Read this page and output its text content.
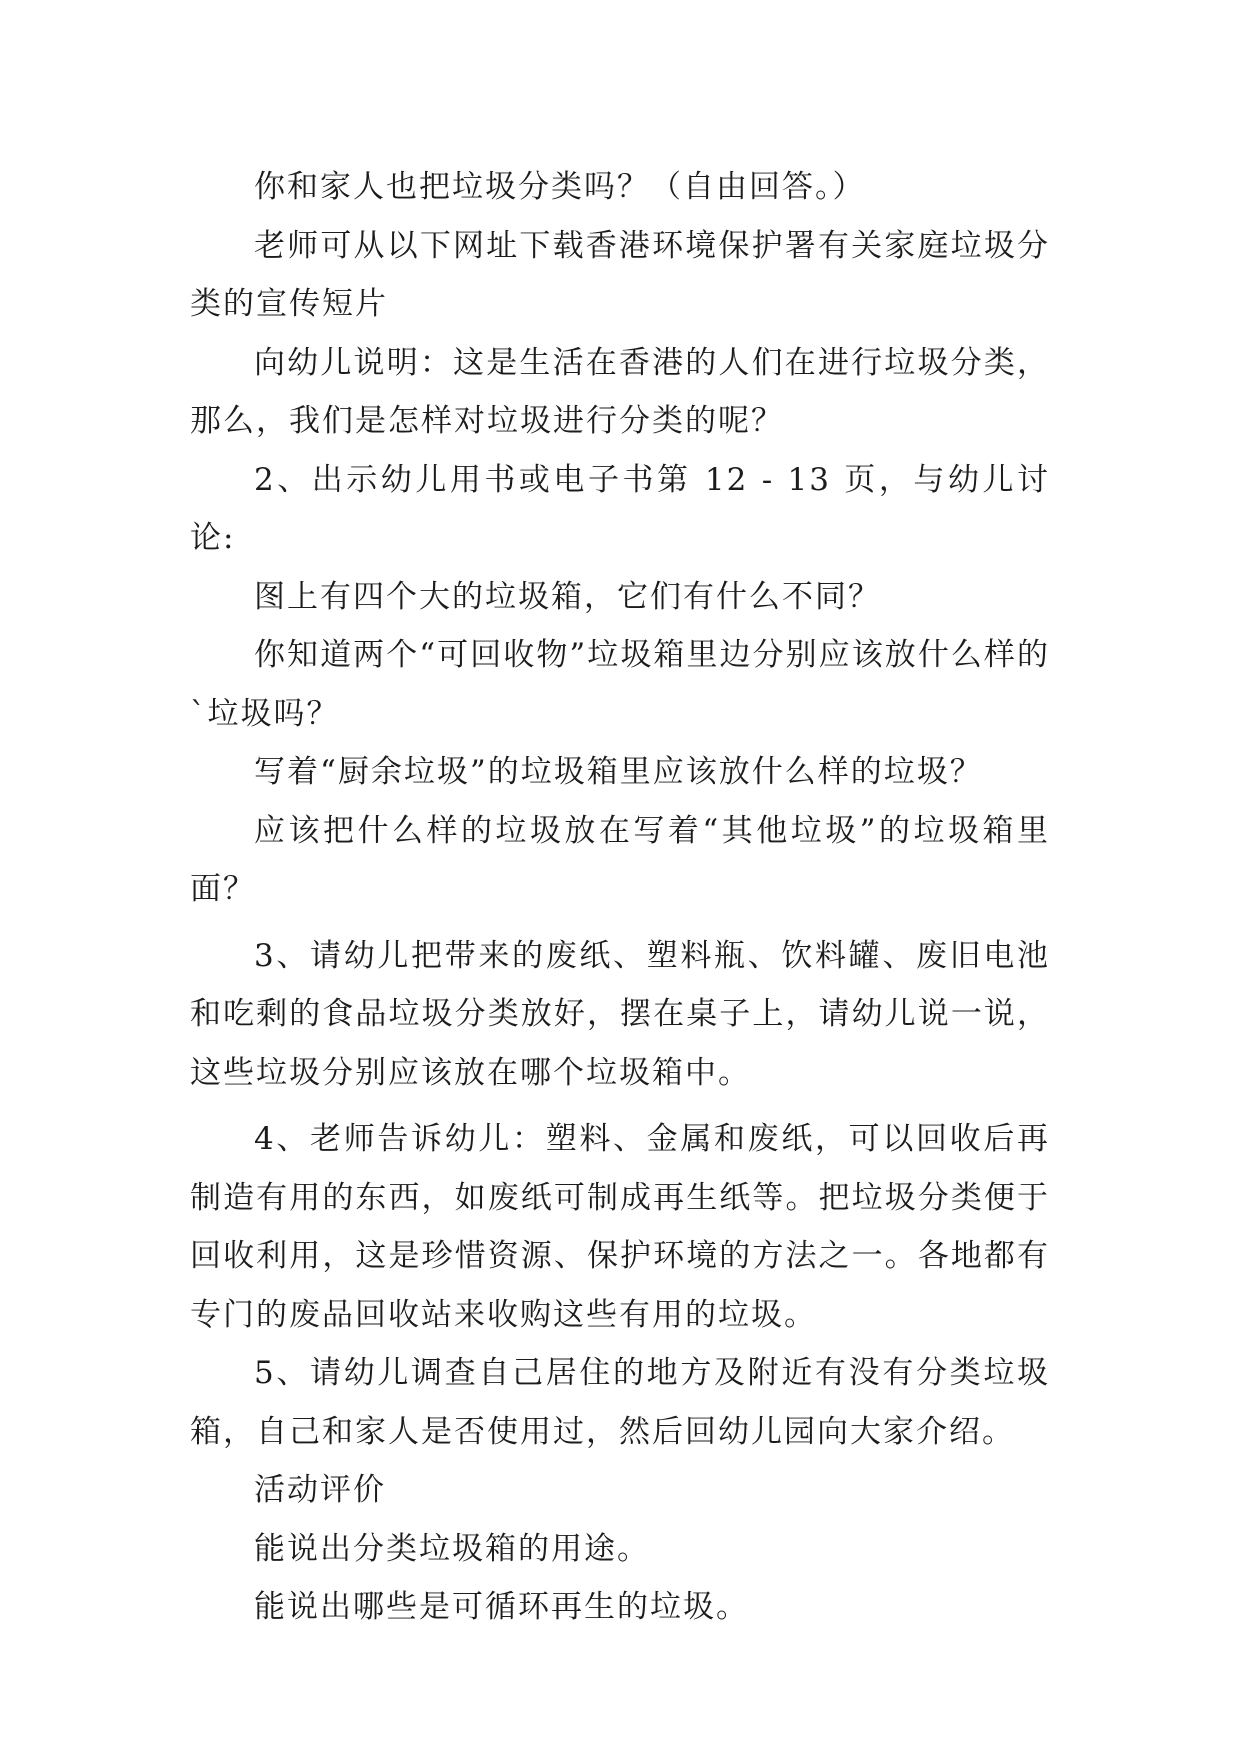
你和家人也把垃圾分类吗？（自由回答。）

老师可从以下网址下载香港环境保护署有关家庭垃圾分类的宣传短片

向幼儿说明：这是生活在香港的人们在进行垃圾分类，那么，我们是怎样对垃圾进行分类的呢？

2、出示幼儿用书或电子书第 12 - 13 页，与幼儿讨论:

图上有四个大的垃圾箱，它们有什么不同？

你知道两个“可回收物”垃圾箱里边分别应该放什么样的`垃圾吗？

写着“厨余垃圾”的垃圾箱里应该放什么样的垃圾？

应该把什么样的垃圾放在写着“其他垃圾”的垃圾箱里面？

3、请幼儿把带来的废纸、塑料瓶、饮料罐、废旧电池和吃剩的食品垃圾分类放好，摆在桌子上，请幼儿说一说，这些垃圾分别应该放在哪个垃圾箱中。

4、老师告诉幼儿：塑料、金属和废纸，可以回收后再制造有用的东西，如废纸可制成再生纸等。把垃圾分类便于回收利用，这是珍惜资源、保护环境的方法之一。各地都有专门的废品回收站来收购这些有用的垃圾。

5、请幼儿调查自己居住的地方及附近有没有分类垃圾箱，自己和家人是否使用过，然后回幼儿园向大家介绍。

活动评价

能说出分类垃圾箱的用途。

能说出哪些是可循环再生的垃圾。
